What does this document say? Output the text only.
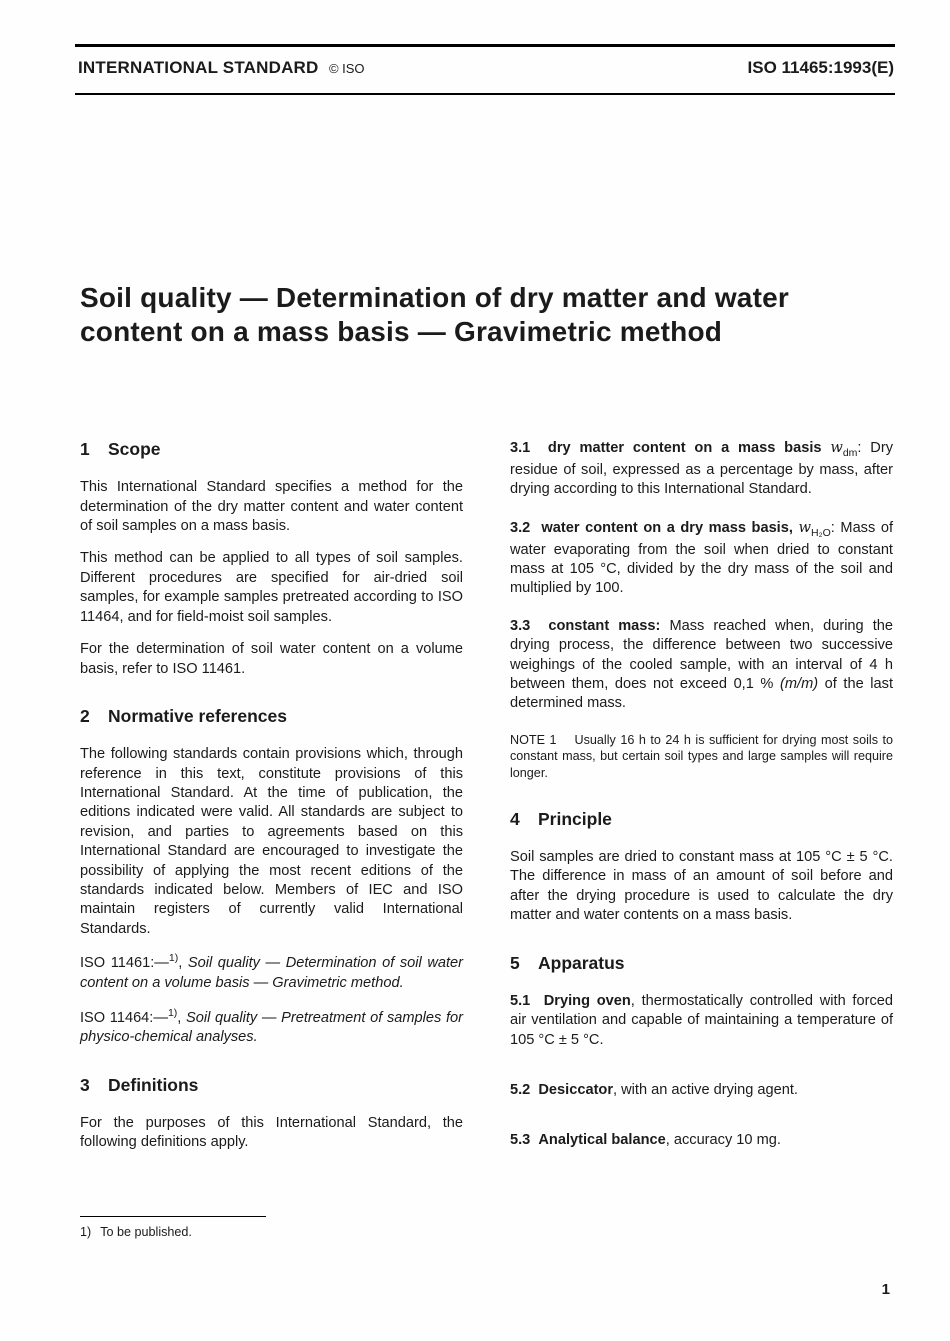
INTERNATIONAL STANDARD © ISO	ISO 11465:1993(E)
Soil quality — Determination of dry matter and water
content on a mass basis — Gravimetric method
1 Scope

This International Standard specifies a method for the determination of the dry matter content and water content of soil samples on a mass basis.

This method can be applied to all types of soil samples. Different procedures are specified for air-dried soil samples, for example samples pretreated according to ISO 11464, and for field-moist soil samples.

For the determination of soil water content on a volume basis, refer to ISO 11461.

2 Normative references

The following standards contain provisions which, through reference in this text, constitute provisions of this International Standard. At the time of publication, the editions indicated were valid. All standards are subject to revision, and parties to agreements based on this International Standard are encouraged to investigate the possibility of applying the most recent editions of the standards indicated below. Members of IEC and ISO maintain registers of currently valid International Standards.

ISO 11461:—$^{1)}$, Soil quality — Determination of soil water content on a volume basis — Gravimetric method.

ISO 11464:—$^{1)}$, Soil quality — Pretreatment of samples for physico-chemical analyses.

3 Definitions

For the purposes of this International Standard, the following definitions apply.

3.1  dry matter content on a mass basis $w_{dm}$: Dry residue of soil, expressed as a percentage by mass, after drying according to this International Standard.

3.2  water content on a dry mass basis, $w_{H_2O}$: Mass of water evaporating from the soil when dried to constant mass at 105 °C, divided by the dry mass of the soil and multiplied by 100.

3.3  constant mass: Mass reached when, during the drying process, the difference between two successive weighings of the cooled sample, with an interval of 4 h between them, does not exceed 0,1 % (m/m) of the last determined mass.

NOTE 1    Usually 16 h to 24 h is sufficient for drying most soils to constant mass, but certain soil types and large samples will require longer.

4 Principle

Soil samples are dried to constant mass at 105 °C ± 5 °C. The difference in mass of an amount of soil before and after the drying procedure is used to calculate the dry matter and water contents on a mass basis.

5 Apparatus

5.1  Drying oven, thermostatically controlled with forced air ventilation and capable of maintaining a temperature of 105 °C ± 5 °C.

5.2  Desiccator, with an active drying agent.

5.3  Analytical balance, accuracy 10 mg.

1) To be published.

1
